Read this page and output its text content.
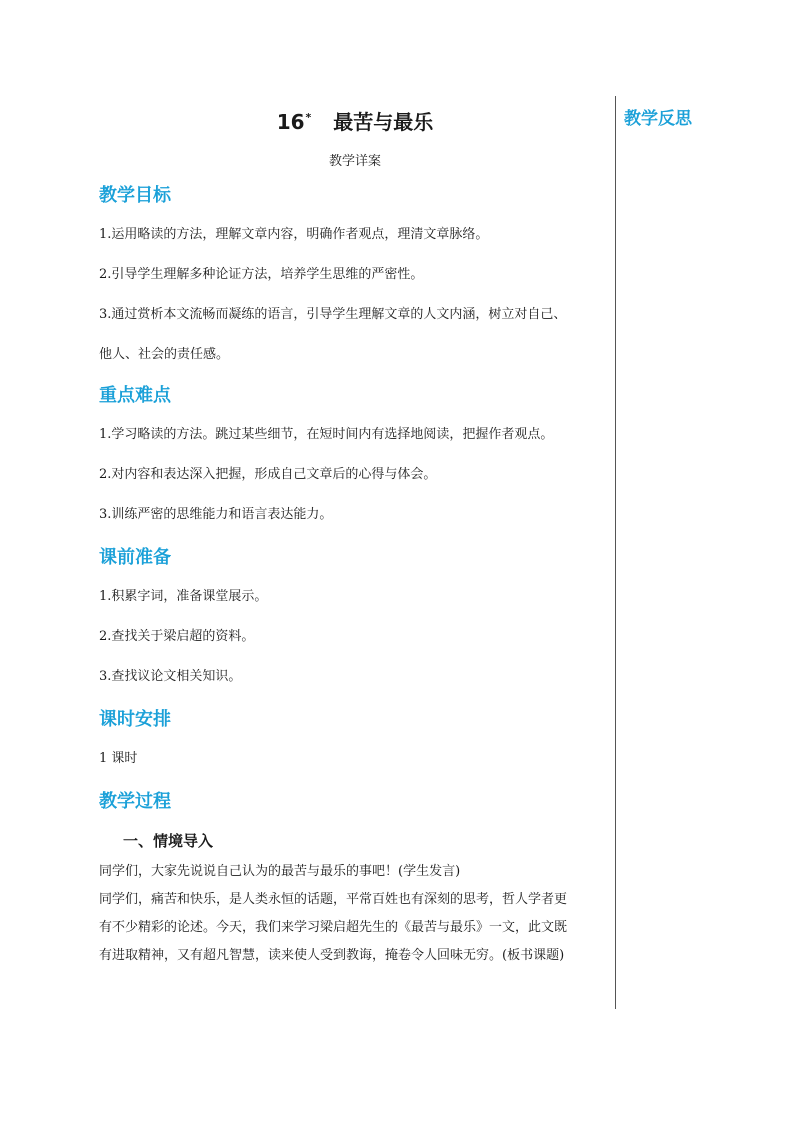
教学反思
16* 最苦与最乐
教学详案
教学目标

1.运用略读的方法，理解文章内容，明确作者观点，理清文章脉络。

2.引导学生理解多种论证方法，培养学生思维的严密性。

3.通过赏析本文流畅而凝练的语言，引导学生理解文章的人文内涵，树立对自己、

他人、社会的责任感。

重点难点

1.学习略读的方法。跳过某些细节，在短时间内有选择地阅读，把握作者观点。

2.对内容和表达深入把握，形成自己文章后的心得与体会。

3.训练严密的思维能力和语言表达能力。

课前准备

1.积累字词，准备课堂展示。

2.查找关于梁启超的资料。

3.查找议论文相关知识。

课时安排

1 课时

教学过程
一、情境导入

同学们，大家先说说自己认为的最苦与最乐的事吧！(学生发言)

同学们，痛苦和快乐，是人类永恒的话题，平常百姓也有深刻的思考，哲人学者更

有不少精彩的论述。今天，我们来学习梁启超先生的《最苦与最乐》一文，此文既

有进取精神，又有超凡智慧，读来使人受到教诲，掩卷令人回味无穷。(板书课题)
